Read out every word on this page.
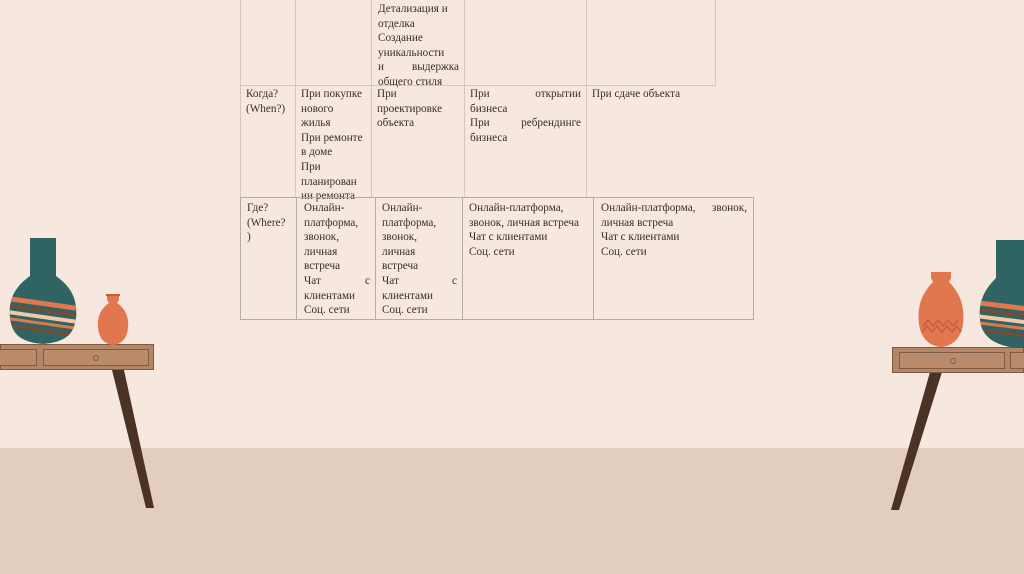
Детализация и
отделка
Создание
уникальности
и выдержка
общего стиля
Когда?
(When?)
При покупке
нового
жилья
При ремонте
в доме
При
планирован
ии ремонта
При
проектировке
объекта
При открытии
бизнеса
При ребрендинге
бизнеса
При сдаче объекта
Где?
(Where?
)
Онлайн-
платформа,
звонок,
личная
встреча
Чат с
клиентами
Соц. сети
Онлайн-
платформа,
звонок,
личная
встреча
Чат с
клиентами
Соц. сети
Онлайн-платформа,
звонок, личная встреча
Чат с клиентами
Соц. сети
Онлайн-платформа, звонок,
личная встреча
Чат с клиентами
Соц. сети
